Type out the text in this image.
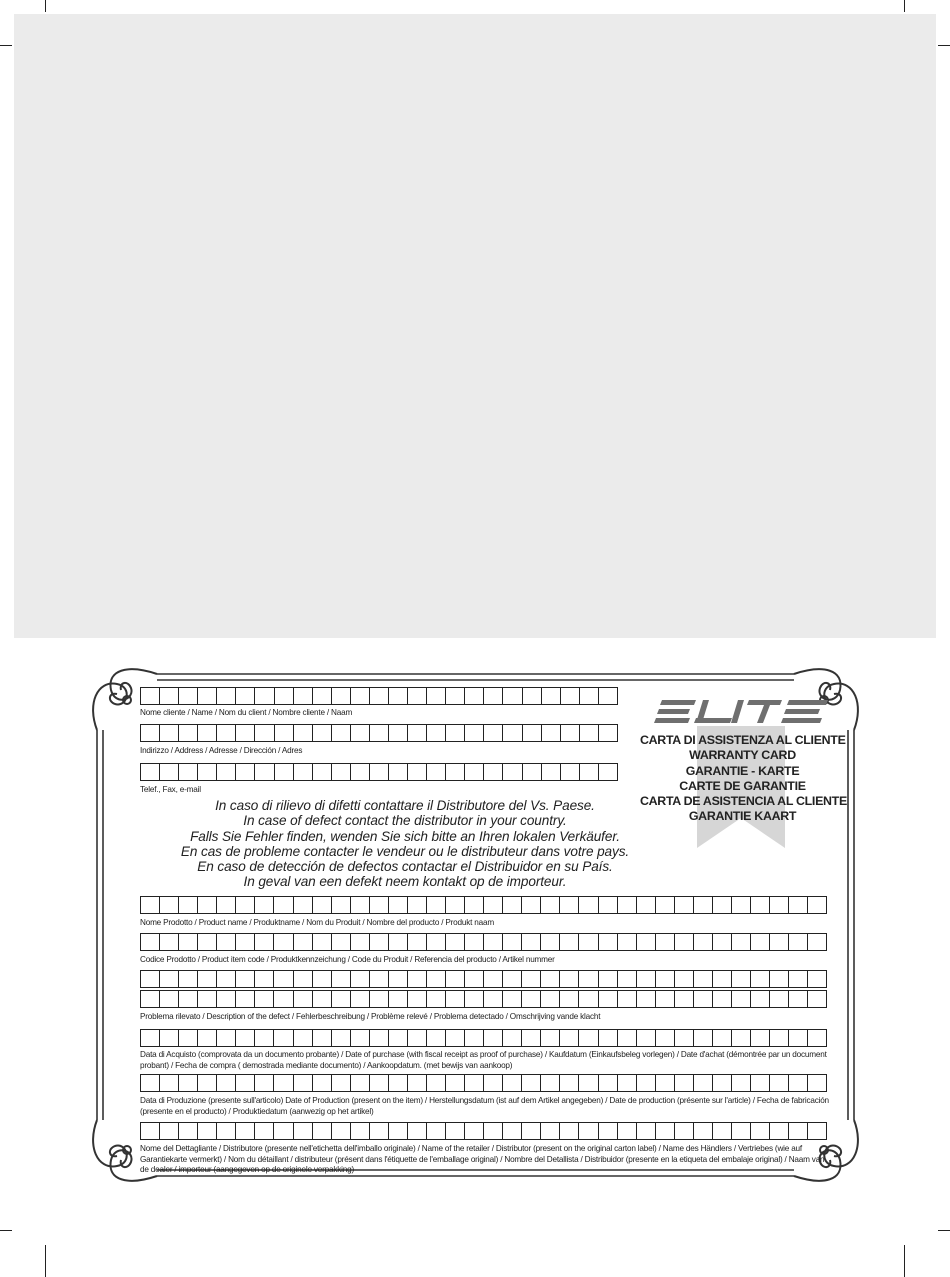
Nome cliente / Name / Nom du client / Nombre cliente / Naam
Indirizzo / Address / Adresse / Dirección / Adres
Telef., Fax, e-mail
In caso di rilievo di difetti contattare il Distributore del Vs. Paese.
In case of defect contact the distributor in your country.
Falls Sie Fehler finden, wenden Sie sich bitte an Ihren lokalen Verkäufer.
En cas de probleme contacter le vendeur ou le distributeur dans votre pays.
En caso de detección de defectos contactar el Distribuidor en su País.
In geval van een defekt neem kontakt op de importeur.
CARTA DI ASSISTENZA AL CLIENTE
WARRANTY CARD
GARANTIE - KARTE
CARTE DE GARANTIE
CARTA DE ASISTENCIA AL CLIENTE
GARANTIE KAART
Nome Prodotto / Product name / Produktname / Nom du Produit / Nombre del producto / Produkt naam
Codice Prodotto / Product item code / Produktkennzeichung / Code du Produit / Referencia del producto / Artikel nummer
Problema rilevato / Description of the defect / Fehlerbeschreibung / Problème relevé / Problema detectado / Omschrijving vande klacht
Data di Acquisto (comprovata da un documento probante) / Date of purchase (with fiscal receipt as proof of purchase) / Kaufdatum (Einkaufsbeleg vorlegen) / Date d'achat (démontrée par un document probant) / Fecha de compra ( demostrada mediante documento) / Aankoopdatum. (met bewijs van aankoop)
Data di Produzione (presente sull'articolo) Date of Production (present on the item) / Herstellungsdatum (ist auf dem Artikel angegeben) / Date de production (présente sur l'article) / Fecha de fabricación (presente en el producto) / Produktiedatum (aanwezig op het artikel)
Nome del Dettagliante / Distributore (presente nell'etichetta dell'imballo originale) / Name of the retailer / Distributor (present on the original carton label) / Name des Händlers / Vertriebes (wie auf Garantiekarte vermerkt) / Nom du détaillant / distributeur (présent dans l'étiquette de l'emballage original) / Nombre del Detallista / Distribuidor (presente en la etiqueta del embalaje original) / Naam van de dealer / importeur (aangegeven op de originele verpakking)
